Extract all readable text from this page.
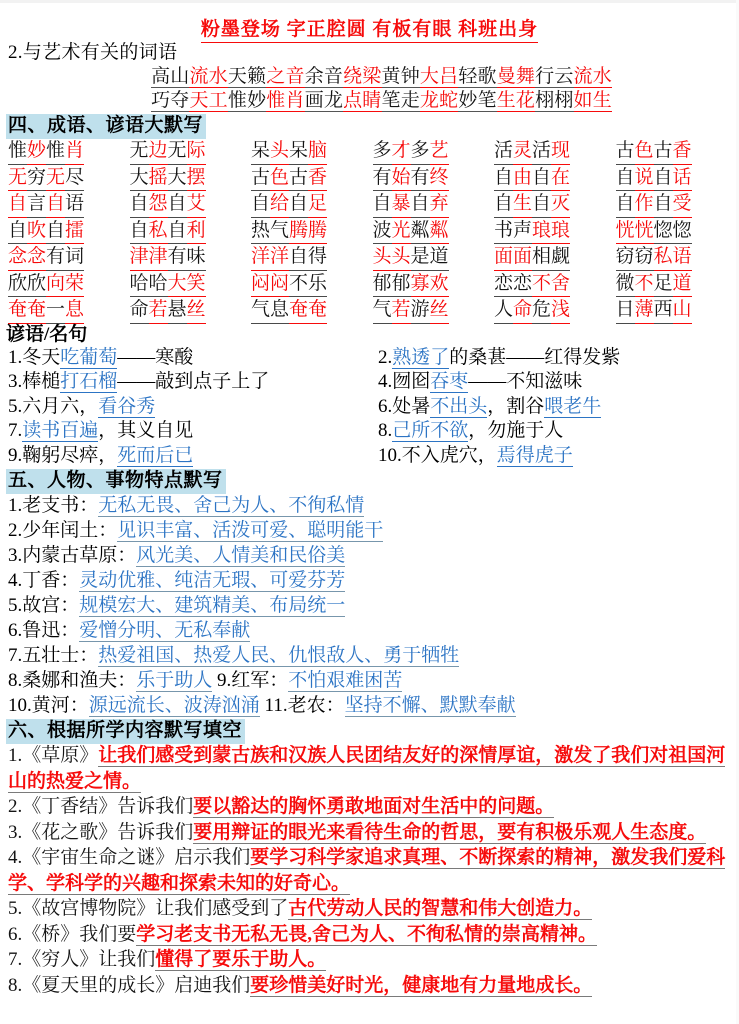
粉墨登场 字正腔圆 有板有眼 科班出身
2.与艺术有关的词语
高山流水天籁之音余音绕梁黄钟大吕轻歌曼舞行云流水
巧夺天工惟妙惟肖画龙点睛笔走龙蛇妙笔生花栩栩如生
四、成语、谚语大默写
惟妙惟肖	无边无际	呆头呆脑	多才多艺	活灵活现	古色古香
无穷无尽	大摇大摆	古色古香	有始有终	自由自在	自说自话
自言自语	自怨自艾	自给自足	自暴自弃	自生自灭	自作自受
自吹自擂	自私自利	热气腾腾	波光粼粼	书声琅琅	恍恍惚惚
念念有词	津津有味	洋洋自得	头头是道	面面相觑	窃窃私语
欣欣向荣	哈哈大笑	闷闷不乐	郁郁寡欢	恋恋不舍	微不足道
奄奄一息	命若悬丝	气息奄奄	气若游丝	人命危浅	日薄西山
谚语/名句
1.冬天吃葡萄——寒酸	2.熟透了的桑葚——红得发紫
3.棒槌打石榴——敲到点子上了	4.囫囵吞枣——不知滋味
5.六月六，看谷秀	6.处暑不出头，割谷喂老牛
7.读书百遍，其义自见	8.己所不欲，勿施于人
9.鞠躬尽瘁，死而后已	10.不入虎穴，焉得虎子
五、人物、事物特点默写
1.老支书：无私无畏、舍己为人、不徇私情
2.少年闰土：见识丰富、活泼可爱、聪明能干
3.内蒙古草原：风光美、人情美和民俗美
4.丁香：灵动优雅、纯洁无瑕、可爱芬芳
5.故宫：规模宏大、建筑精美、布局统一
6.鲁迅：爱憎分明、无私奉献
7.五壮士：热爱祖国、热爱人民、仇恨敌人、勇于牺牲
8.桑娜和渔夫：乐于助人 9.红军：不怕艰难困苦
10.黄河：源远流长、波涛汹涌 11.老农：坚持不懈、默默奉献
六、根据所学内容默写填空
1.《草原》让我们感受到蒙古族和汉族人民团结友好的深情厚谊，激发了我们对祖国河山的热爱之情。
2.《丁香结》告诉我们要以豁达的胸怀勇敢地面对生活中的问题。
3.《花之歌》告诉我们要用辩证的眼光来看待生命的哲思，要有积极乐观人生态度。
4.《宇宙生命之谜》启示我们要学习科学家追求真理、不断探索的精神，激发我们爱科学、学科学的兴趣和探索未知的好奇心。
5.《故宫博物院》让我们感受到了古代劳动人民的智慧和伟大创造力。
6.《桥》我们要学习老支书无私无畏,舍己为人、不徇私情的崇高精神。
7.《穷人》让我们懂得了要乐于助人。
8.《夏天里的成长》启迪我们要珍惜美好时光，健康地有力量地成长。
